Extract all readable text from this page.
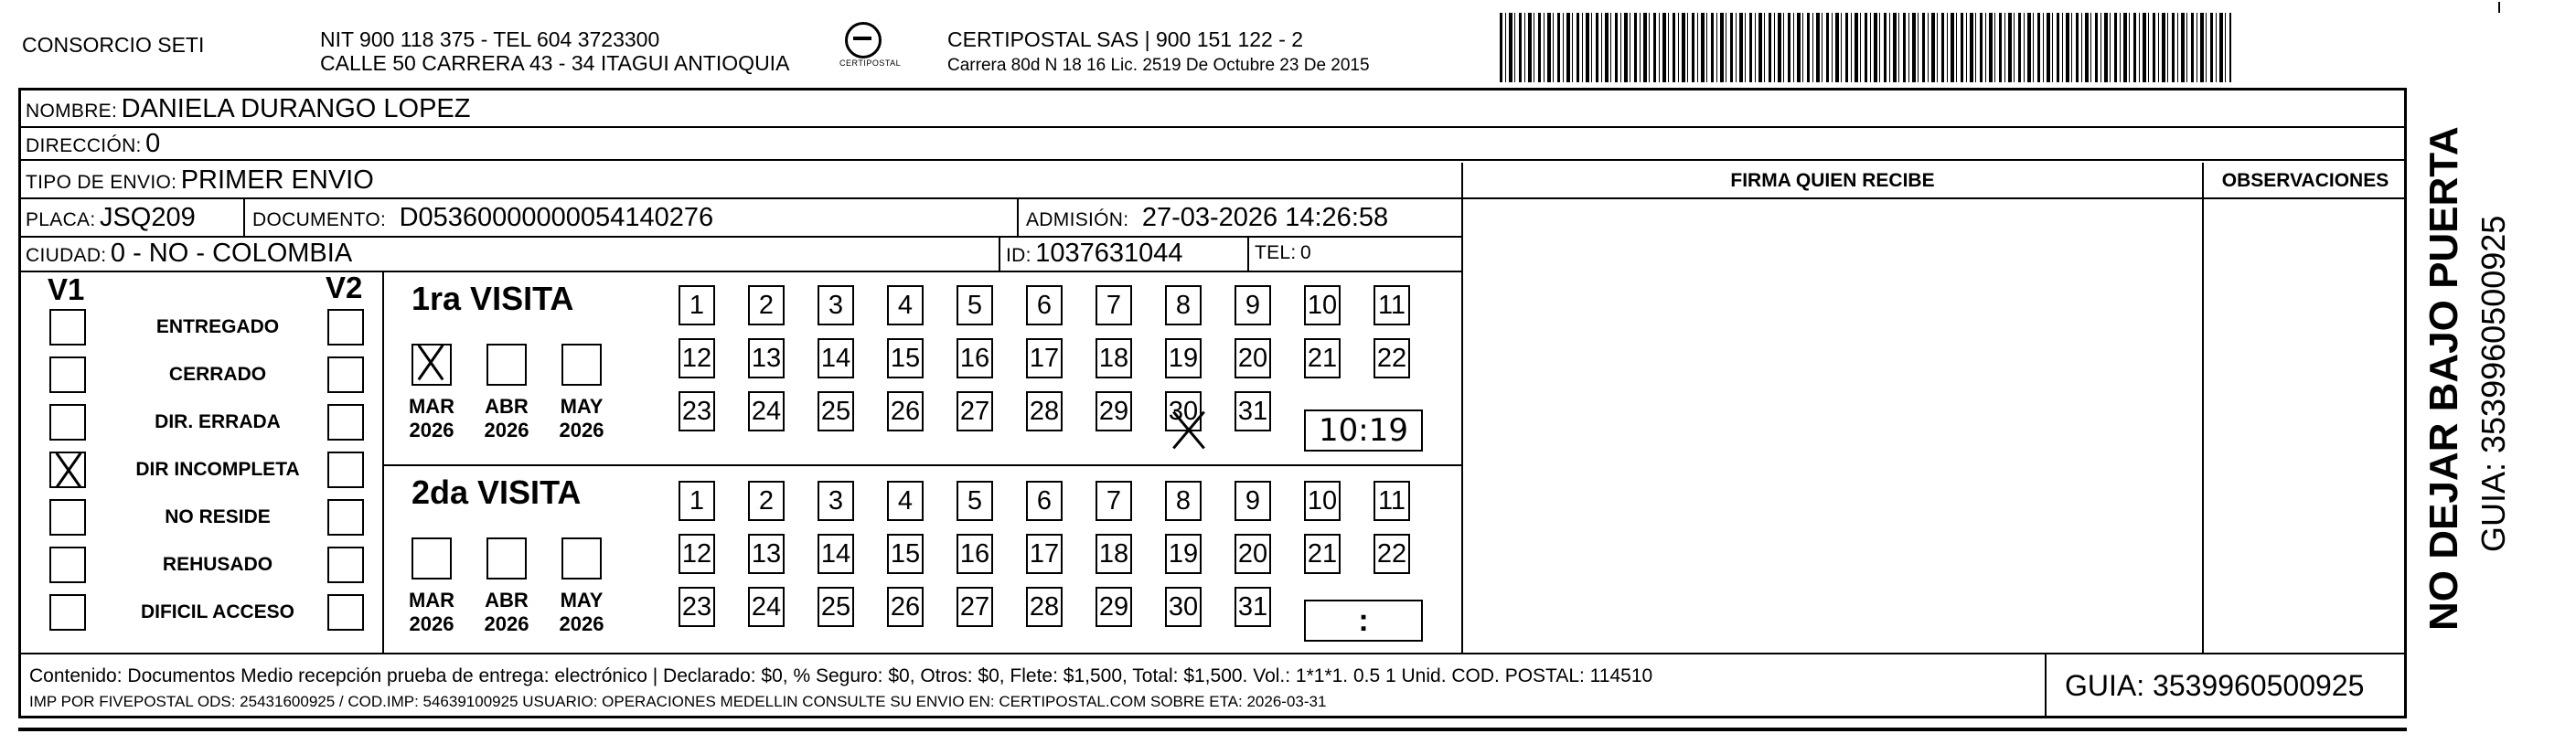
CONSORCIO SETI	NIT 900 118 375 - TEL 604 3723300
CALLE 50 CARRERA 43 - 34 ITAGUI ANTIOQUIA	CERTIPOSTAL
CERTIPOSTAL SAS | 900 151 122 - 2
Carrera 80d N 18 16 Lic. 2519 De Octubre 23 De 2015
NOMBRE: DANIELA DURANGO LOPEZ
DIRECCIÓN: 0
TIPO DE ENVIO: PRIMER ENVIO
PLACA: JSQ209	DOCUMENTO: D05360000000054140276	ADMISIÓN: 27-03-2026 14:26:58
CIUDAD: 0 - NO - COLOMBIA	ID: 1037631044	TEL: 0
FIRMA QUIEN RECIBE	OBSERVACIONES
V1	V2
ENTREGADO
CERRADO
DIR. ERRADA
DIR INCOMPLETA
NO RESIDE
REHUSADO
DIFICIL ACCESO
1ra VISITA
MAR
2026
ABR
2026
MAY
2026
1	2	3	4	5	6	7	8	9	10 11
12 13 14 15 16 17 18 19 20 21 22
23 24 25 26 27 28 29 30 31
10:19
2da VISITA
MAR
2026
ABR
2026
MAY
2026
1	2	3	4	5	6	7	8	9	10 11
12 13 14 15 16 17 18 19 20 21 22
23 24 25 26 27 28 29 30 31	:
Contenido: Documentos Medio recepción prueba de entrega: electrónico | Declarado: $0, % Seguro: $0, Otros: $0, Flete: $1,500, Total: $1,500. Vol.: 1*1*1. 0.5 1 Unid. COD. POSTAL: 114510
IMP POR FIVEPOSTAL ODS: 25431600925 / COD.IMP: 54639100925 USUARIO: OPERACIONES MEDELLIN CONSULTE SU ENVIO EN: CERTIPOSTAL.COM SOBRE ETA: 2026-03-31	GUIA: 3539960500925
NO DEJAR BAJO PUERTA GUIA: 3539960500925
